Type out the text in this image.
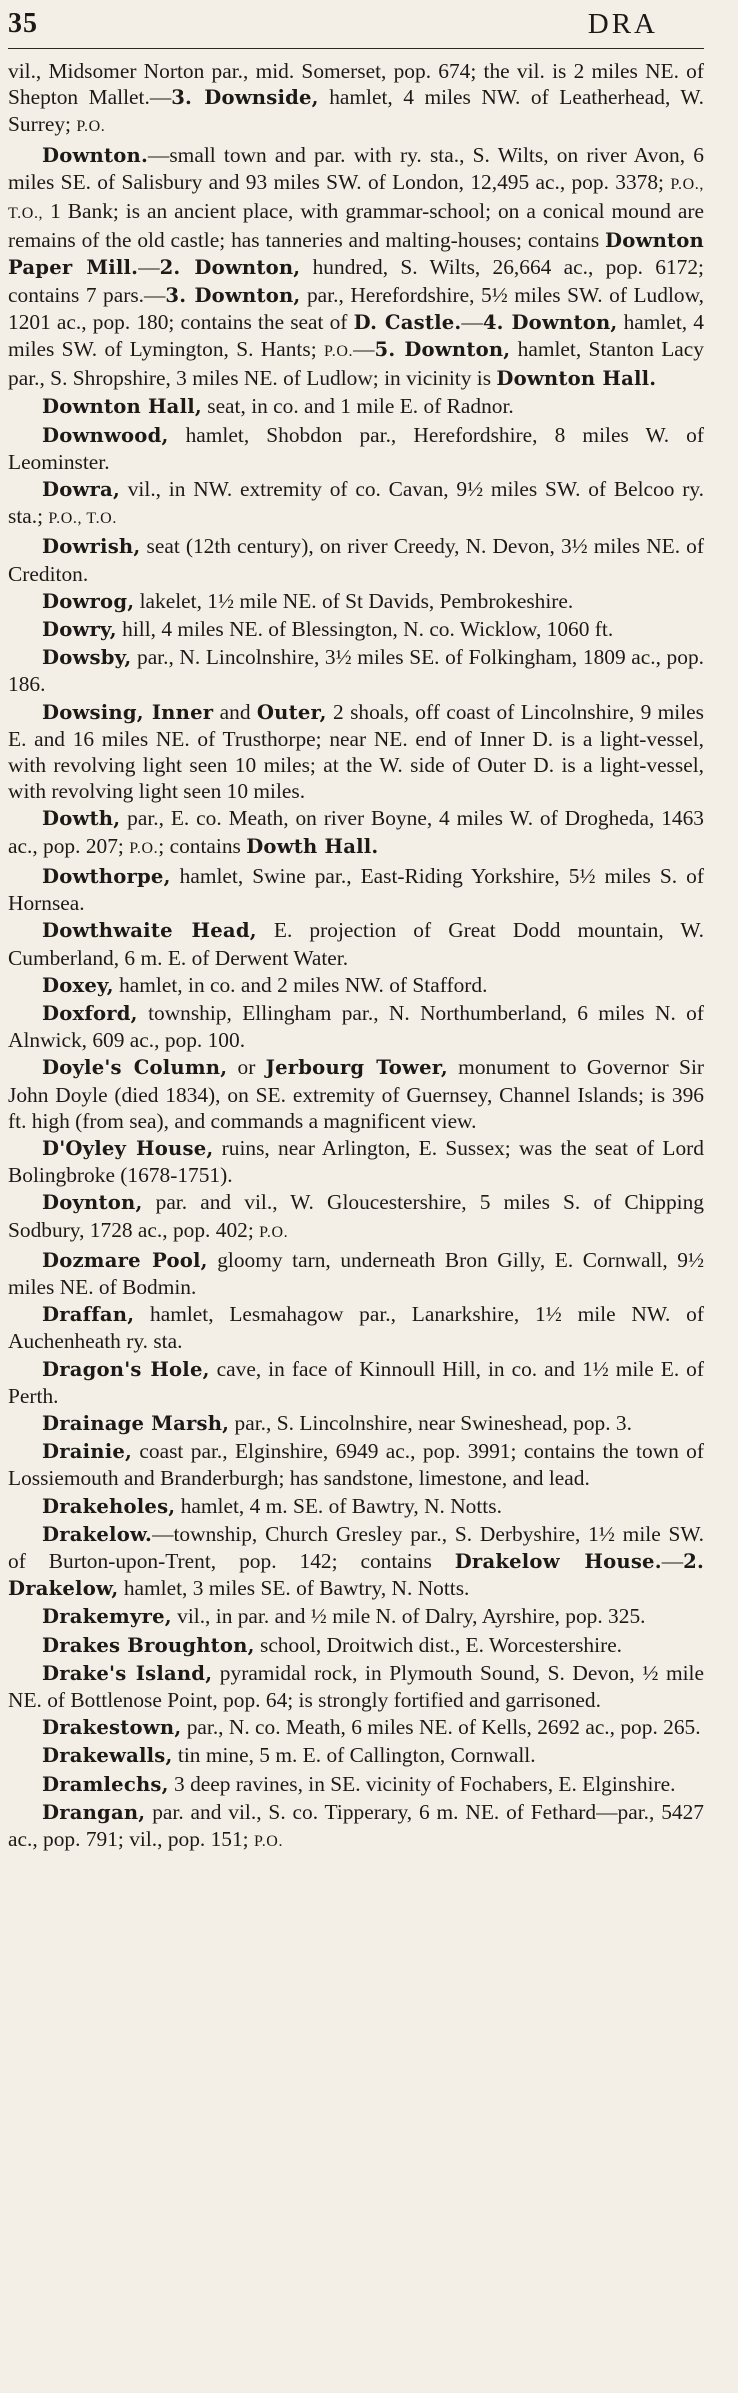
35	DRA

vil., Midsomer Norton par., mid. Somerset, pop. 674; the vil. is 2 miles NE. of Shepton Mallet.—3. Downside, hamlet, 4 miles NW. of Leatherhead, W. Surrey; P.O.

Downton.—small town and par. with ry. sta., S. Wilts, on river Avon, 6 miles SE. of Salisbury and 93 miles SW. of London, 12,495 ac., pop. 3378; P.O., T.O., 1 Bank; is an ancient place, with grammar-school; on a conical mound are remains of the old castle; has tanneries and malting-houses; contains Downton Paper Mill.—2. Downton, hundred, S. Wilts, 26,664 ac., pop. 6172; contains 7 pars.—3. Downton, par., Herefordshire, 5½ miles SW. of Ludlow, 1201 ac., pop. 180; contains the seat of D. Castle.—4. Downton, hamlet, 4 miles SW. of Lymington, S. Hants; P.O.—5. Downton, hamlet, Stanton Lacy par., S. Shropshire, 3 miles NE. of Ludlow; in vicinity is Downton Hall.

Downton Hall, seat, in co. and 1 mile E. of Radnor.

Downwood, hamlet, Shobdon par., Herefordshire, 8 miles W. of Leominster.

Dowra, vil., in NW. extremity of co. Cavan, 9½ miles SW. of Belcoo ry. sta.; P.O., T.O.

Dowrish, seat (12th century), on river Creedy, N. Devon, 3½ miles NE. of Crediton.

Dowrog, lakelet, 1½ mile NE. of St Davids, Pembrokeshire.

Dowry, hill, 4 miles NE. of Blessington, N. co. Wicklow, 1060 ft.

Dowsby, par., N. Lincolnshire, 3½ miles SE. of Folkingham, 1809 ac., pop. 186.

Dowsing, Inner and Outer, 2 shoals, off coast of Lincolnshire, 9 miles E. and 16 miles NE. of Trusthorpe; near NE. end of Inner D. is a light-vessel, with revolving light seen 10 miles; at the W. side of Outer D. is a light-vessel, with revolving light seen 10 miles.

Dowth, par., E. co. Meath, on river Boyne, 4 miles W. of Drogheda, 1463 ac., pop. 207; P.O.; contains Dowth Hall.

Dowthorpe, hamlet, Swine par., East-Riding Yorkshire, 5½ miles S. of Hornsea.

Dowthwaite Head, E. projection of Great Dodd mountain, W. Cumberland, 6 m. E. of Derwent Water.

Doxey, hamlet, in co. and 2 miles NW. of Stafford.

Doxford, township, Ellingham par., N. Northumberland, 6 miles N. of Alnwick, 609 ac., pop. 100.

Doyle's Column, or Jerbourg Tower, monument to Governor Sir John Doyle (died 1834), on SE. extremity of Guernsey, Channel Islands; is 396 ft. high (from sea), and commands a magnificent view.

D'Oyley House, ruins, near Arlington, E. Sussex; was the seat of Lord Bolingbroke (1678-1751).

Doynton, par. and vil., W. Gloucestershire, 5 miles S. of Chipping Sodbury, 1728 ac., pop. 402; P.O.

Dozmare Pool, gloomy tarn, underneath Bron Gilly, E. Cornwall, 9½ miles NE. of Bodmin.

Draffan, hamlet, Lesmahagow par., Lanarkshire, 1½ mile NW. of Auchenheath ry. sta.

Dragon's Hole, cave, in face of Kinnoull Hill, in co. and 1½ mile E. of Perth.

Drainage Marsh, par., S. Lincolnshire, near Swineshead, pop. 3.

Drainie, coast par., Elginshire, 6949 ac., pop. 3991; contains the town of Lossiemouth and Branderburgh; has sandstone, limestone, and lead.

Drakeholes, hamlet, 4 m. SE. of Bawtry, N. Notts.

Drakelow.—township, Church Gresley par., S. Derbyshire, 1½ mile SW. of Burton-upon-Trent, pop. 142; contains Drakelow House.—2. Drakelow, hamlet, 3 miles SE. of Bawtry, N. Notts.

Drakemyre, vil., in par. and ½ mile N. of Dalry, Ayrshire, pop. 325.

Drakes Broughton, school, Droitwich dist., E. Worcestershire.

Drake's Island, pyramidal rock, in Plymouth Sound, S. Devon, ½ mile NE. of Bottlenose Point, pop. 64; is strongly fortified and garrisoned.

Drakestown, par., N. co. Meath, 6 miles NE. of Kells, 2692 ac., pop. 265.

Drakewalls, tin mine, 5 m. E. of Callington, Cornwall.

Dramlechs, 3 deep ravines, in SE. vicinity of Fochabers, E. Elginshire.

Drangan, par. and vil., S. co. Tipperary, 6 m. NE. of Fethard—par., 5427 ac., pop. 791; vil., pop. 151; P.O.
